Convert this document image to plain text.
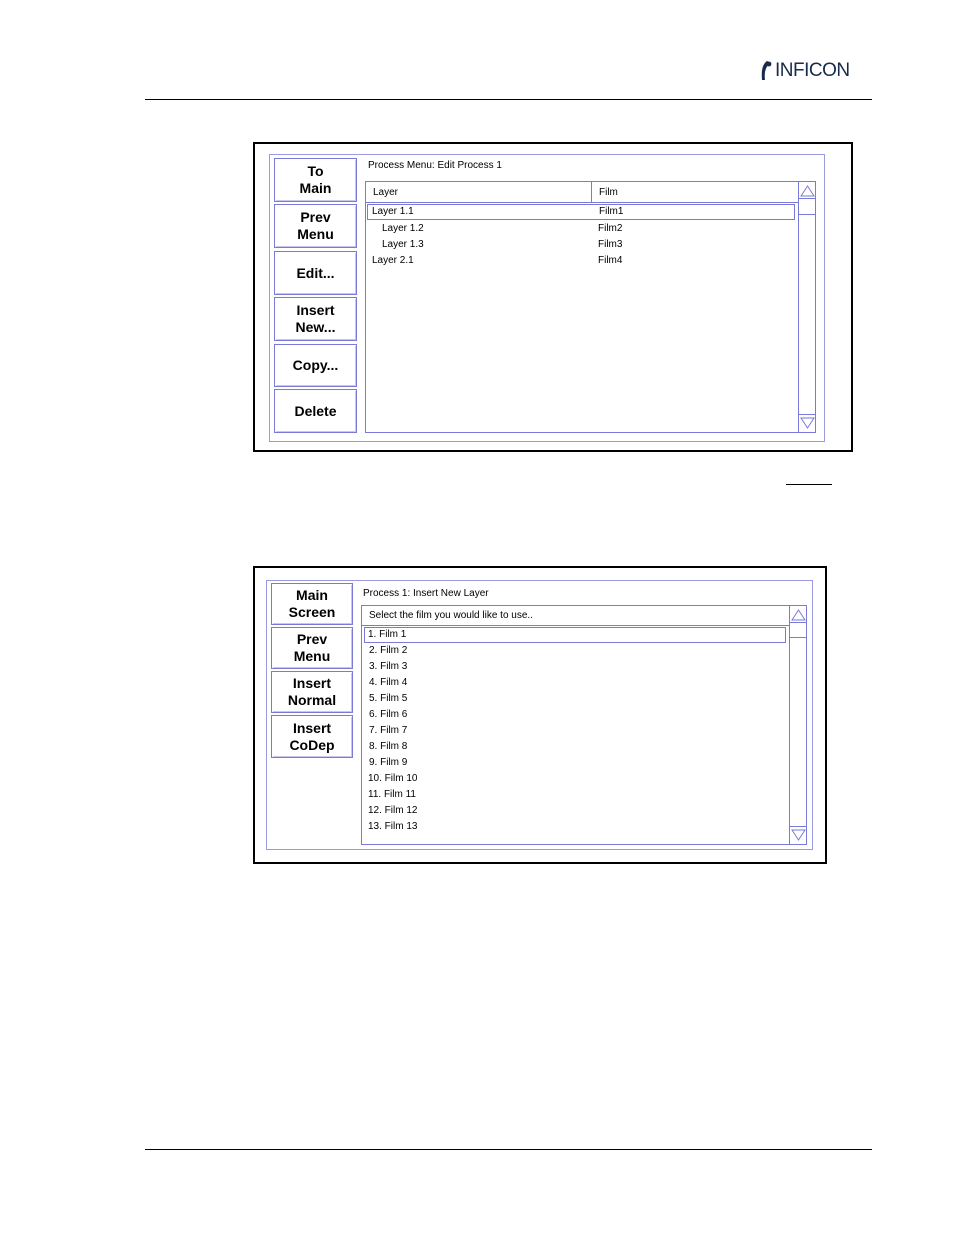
INFICON
To
Main
Prev
Menu
Edit...
Insert
New...
Copy...
Delete
Process Menu: Edit Process 1
Layer	Film
Layer 1.1	Film1
Layer 1.2	Film2
Layer 1.3	Film3
Layer 2.1	Film4
Main
Screen
Prev
Menu
Insert
Normal
Insert
CoDep
Process 1: Insert New Layer
Select the film you would like to use..
1. Film 1
2. Film 2
3. Film 3
4. Film 4
5. Film 5
6. Film 6
7. Film 7
8. Film 8
9. Film 9
10. Film 10
11. Film 11
12. Film 12
13. Film 13
